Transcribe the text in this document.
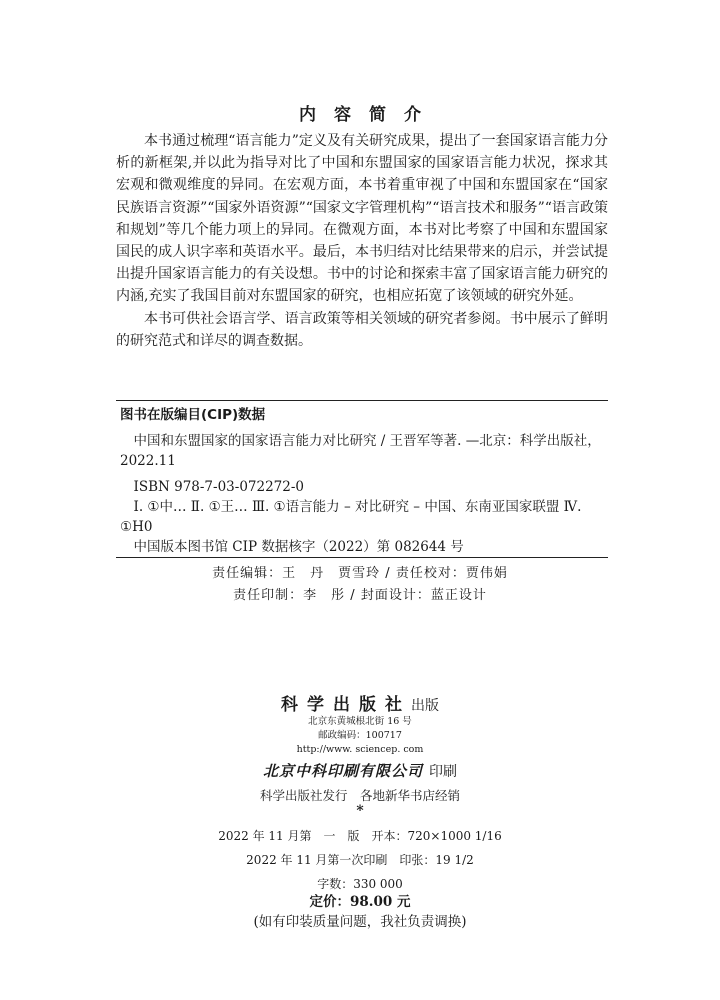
内容简介

本书通过梳理“语言能力”定义及有关研究成果，提出了一套国家语言能力分析的新框架,并以此为指导对比了中国和东盟国家的国家语言能力状况，探求其宏观和微观维度的异同。在宏观方面，本书着重审视了中国和东盟国家在“国家民族语言资源”“国家外语资源”“国家文字管理机构”“语言技术和服务”“语言政策和规划”等几个能力项上的异同。在微观方面，本书对比考察了中国和东盟国家国民的成人识字率和英语水平。最后，本书归结对比结果带来的启示，并尝试提出提升国家语言能力的有关设想。书中的讨论和探索丰富了国家语言能力研究的内涵,充实了我国目前对东盟国家的研究，也相应拓宽了该领域的研究外延。

本书可供社会语言学、语言政策等相关领域的研究者参阅。书中展示了鲜明的研究范式和详尽的调查数据。

图书在版编目(CIP)数据
中国和东盟国家的国家语言能力对比研究 / 王晋军等著. —北京：科学出版社，2022.11
ISBN 978-7-03-072272-0
Ⅰ. ①中… Ⅱ. ①王… Ⅲ. ①语言能力 – 对比研究 – 中国、东南亚国家联盟 Ⅳ. ①H0
中国版本图书馆 CIP 数据核字（2022）第 082644 号
责任编辑：王　丹　贾雪玲 / 责任校对：贾伟娟
责任印制：李　彤 / 封面设计：蓝正设计
科学出版社出版
北京东黄城根北街 16 号
邮政编码：100717
http://www. sciencep. com
北京中科印刷有限公司 印刷
科学出版社发行　各地新华书店经销
*
2022 年 11 月第　一　版　开本：720×1000 1/16
2022 年 11 月第一次印刷　印张：19 1/2
字数：330 000
定价：98.00 元
(如有印装质量问题，我社负责调换)
